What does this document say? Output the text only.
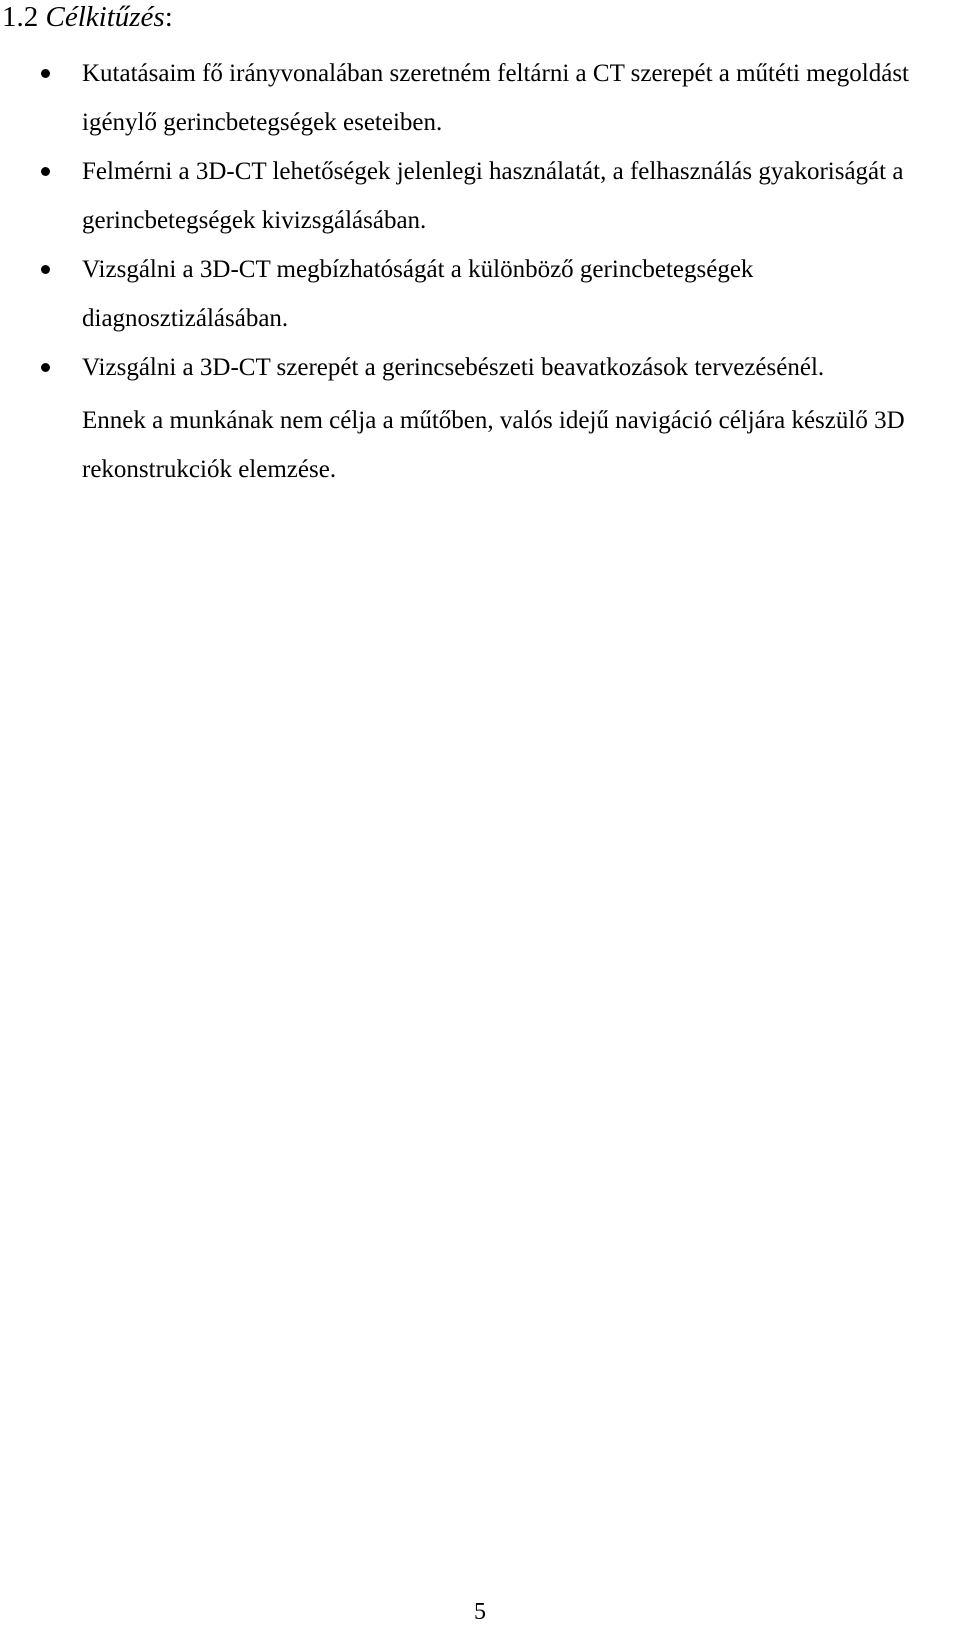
1.2 Célkitűzés:
Kutatásaim fő irányvonalában szeretném feltárni a CT szerepét a műtéti megoldást igénylő gerincbetegségek eseteiben.
Felmérni a 3D-CT lehetőségek jelenlegi használatát, a felhasználás gyakoriságát a gerincbetegségek kivizsgálásában.
Vizsgálni a 3D-CT megbízhatóságát a különböző gerincbetegségek diagnosztizálásában.
Vizsgálni a 3D-CT szerepét a gerincsebészeti beavatkozások tervezésénél.

Ennek a munkának nem célja a műtőben, valós idejű navigáció céljára készülő 3D rekonstrukciók elemzése.

5
